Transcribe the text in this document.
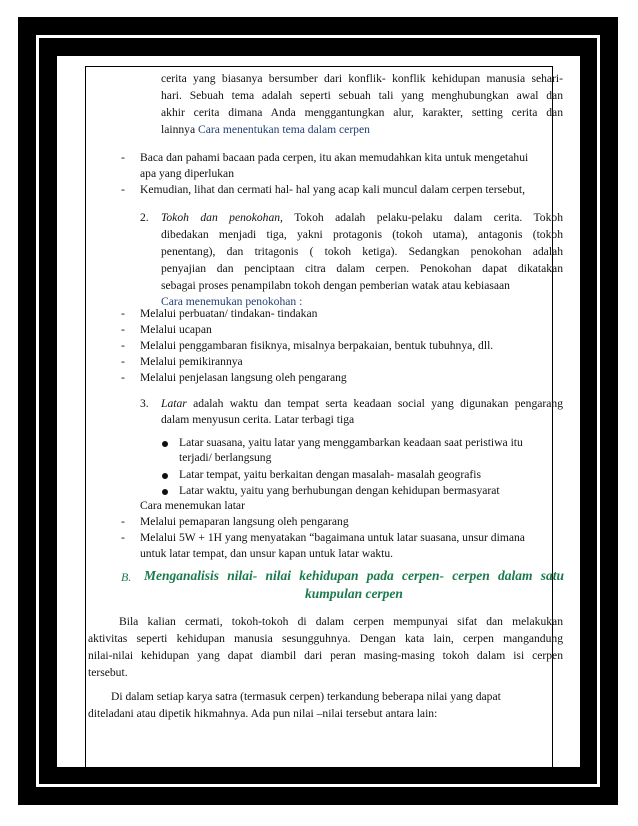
cerita yang biasanya bersumber dari konflik- konflik kehidupan manusia sehari-
hari. Sebuah tema adalah seperti sebuah tali yang menghubungkan awal dan
akhir cerita dimana Anda menggantungkan alur, karakter, setting cerita dan
lainnya Cara menentukan tema dalam cerpen
-	Baca dan pahami bacaan pada cerpen, itu akan memudahkan kita untuk mengetahui
apa yang diperlukan
-	Kemudian, lihat dan cermati hal- hal yang acap kali muncul dalam cerpen tersebut,
2. Tokoh dan penokohan, Tokoh adalah pelaku-pelaku dalam cerita. Tokoh
dibedakan menjadi tiga, yakni protagonis (tokoh utama), antagonis (tokoh
penentang), dan tritagonis ( tokoh ketiga). Sedangkan penokohan adalah
penyajian dan penciptaan citra dalam cerpen. Penokohan dapat dikatakan
sebagai proses penampilabn tokoh dengan pemberian watak atau kebiasaan
Cara menemukan penokohan :
-	Melalui perbuatan/ tindakan- tindakan
-	Melalui ucapan
-	Melalui penggambaran fisiknya, misalnya berpakaian, bentuk tubuhnya, dll.
-	Melalui pemikirannya
-	Melalui penjelasan langsung oleh pengarang
3. Latar adalah waktu dan tempat serta keadaan social yang digunakan pengarang
dalam menyusun cerita. Latar terbagi tiga
Latar suasana, yaitu latar yang menggambarkan keadaan saat peristiwa itu
terjadi/ berlangsung
Latar tempat, yaitu berkaitan dengan masalah- masalah geografis
Latar waktu, yaitu yang berhubungan dengan kehidupan bermasyarat
Cara menemukan latar
-	Melalui pemaparan langsung oleh pengarang
-	Melalui 5W + 1H yang menyatakan “bagaimana untuk latar suasana, unsur dimana
untuk latar tempat, dan unsur kapan untuk latar waktu.
B. Menganalisis nilai- nilai kehidupan pada cerpen- cerpen dalam satu
kumpulan cerpen
Bila kalian cermati, tokoh-tokoh di dalam cerpen mempunyai sifat dan melakukan
aktivitas seperti kehidupan manusia sesungguhnya. Dengan kata lain, cerpen mangandung
nilai-nilai kehidupan yang dapat diambil dari peran masing-masing tokoh dalam isi cerpen
tersebut.
Di dalam setiap karya satra (termasuk cerpen) terkandung beberapa nilai yang dapat
diteladani atau dipetik hikmahnya. Ada pun nilai –nilai tersebut antara lain:
